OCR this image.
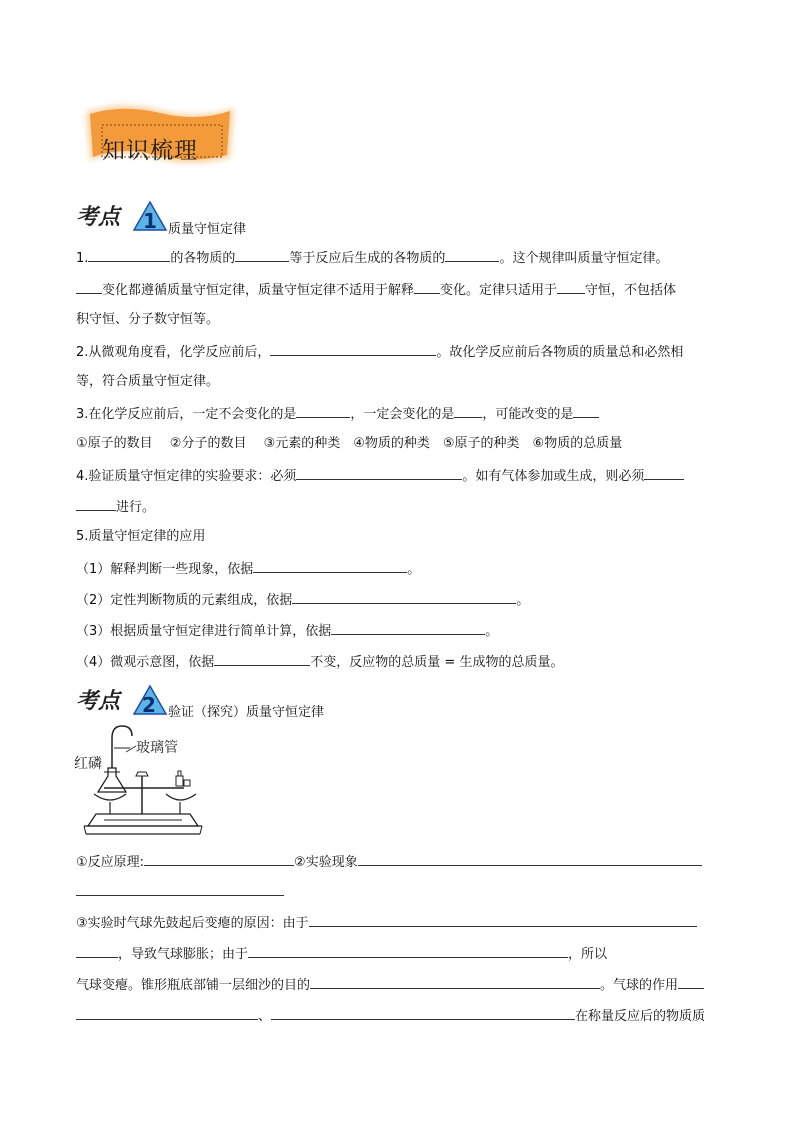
知识梳理
考点 1 质量守恒定律
1.	的各物质的	等于反应后生成的各物质的	。这个规律叫质量守恒定律。
变化都遵循质量守恒定律，质量守恒定律不适用于解释 变化。定律只适用于 守恒，不包括体
积守恒、分子数守恒等。
2.从微观角度看，化学反应前后，	。故化学反应前后各物质的质量总和必然相
等，符合质量守恒定律。
3.在化学反应前后，一定不会变化的是	，一定会变化的是 ，可能改变的是
①原子的数目　 ②分子的数目　 ③元素的种类　④物质的种类　⑤原子的种类　⑥物质的总质量
4.验证质量守恒定律的实验要求：必须	。如有气体参加或生成，则必须
进行。
5.质量守恒定律的应用
（1）解释判断一些现象，依据	。
（2）定性判断物质的元素组成，依据	。
（3）根据质量守恒定律进行简单计算，依据	。
（4）微观示意图，依据	不变，反应物的总质量 = 生成物的总质量。
考点 2 验证（探究）质量守恒定律
红磷
玻璃管
①反应原理:	②实验现象
③实验时气球先鼓起后变瘪的原因：由于
，导致气球膨胀；由于	，所以
气球变瘪。锥形瓶底部铺一层细沙的目的	。气球的作用
、	在称量反应后的物质质
